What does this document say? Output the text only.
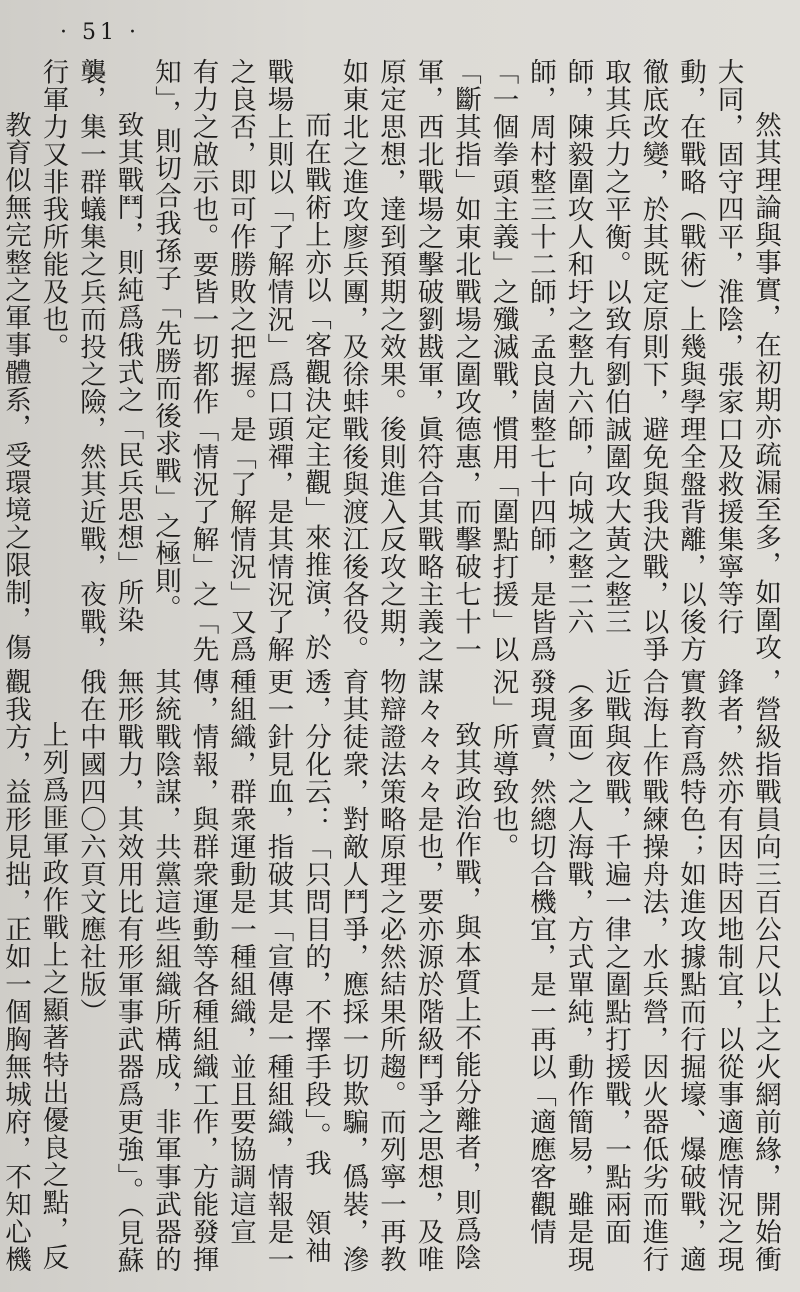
· 51 ·

然其理論與事實，在初期亦疏漏至多，如圍攻大同，固守四平，淮陰，張家口及救援集寧等行動，在戰略（戰術）上幾與學理全盤背離，以後方徹底改變，於其既定原則下，避免與我決戰，以爭取其兵力之平衡。以致有劉伯誠圍攻大黃之整三師，陳毅圍攻人和圩之整九六師，向城之整二六師，周村整三十二師，孟良崮整七十四師，是皆爲「一個拳頭主義」之殲滅戰，慣用「圍點打援」以「斷其指」如東北戰場之圍攻德惠，而擊破七十一軍，西北戰場之擊破劉戡軍，眞符合其戰略主義之原定思想，達到預期之效果。後則進入反攻之期，如東北之進攻廖兵團，及徐蚌戰後與渡江後各役。

而在戰術上亦以「客觀決定主觀」來推演，於戰場上則以「了解情況」爲口頭禪，是其情況了解之良否，即可作勝敗之把握。是「了解情況」又爲有力之啟示也。要皆一切都作「情況了解」之「先知」，則切合我孫子「先勝而後求戰」之極則。

致其戰鬥，則純爲俄式之「民兵思想」所染襲，集一群蟻集之兵而投之險，然其近戰，夜戰，行軍力又非我所能及也。

教育似無完整之軍事體系，受環境之限制，傷

，營級指戰員向三百公尺以上之火網前緣，開始衝鋒者，然亦有因時因地制宜，以從事適應情況之現實教育爲特色；如進攻據點而行掘壕、爆破戰，適合海上作戰練操舟法，水兵營，因火器低劣而進行近戰與夜戰，千遍一律之圍點打援戰，一點兩面（多面）之人海戰，方式單純，動作簡易，雖是現發現賣，然總切合機宜，是一再以「適應客觀情況」所導致也。

致其政治作戰，與本質上不能分離者，則爲陰謀々々々々是也，要亦源於階級鬥爭之思想，及唯物辯證法策略原理之必然結果所趨。而列寧一再教育其徒衆，對敵人鬥爭，應採一切欺騙，僞裝，滲透，分化云：「只問目的，不擇手段」。我 領袖更一針見血，指破其「宣傳是一種組織，情報是一種組織，群衆運動是一種組織，並且要協調這宣傳，情報，與群衆運動等各種組織工作，方能發揮其統戰陰謀，共黨這些組織所構成，非軍事武器的無形戰力，其效用比有形軍事武器爲更強」。（見蘇俄在中國四〇六頁文應社版）

上列爲匪軍政作戰上之顯著特出優良之點，反觀我方，益形見拙，正如一個胸無城府，不知心機
